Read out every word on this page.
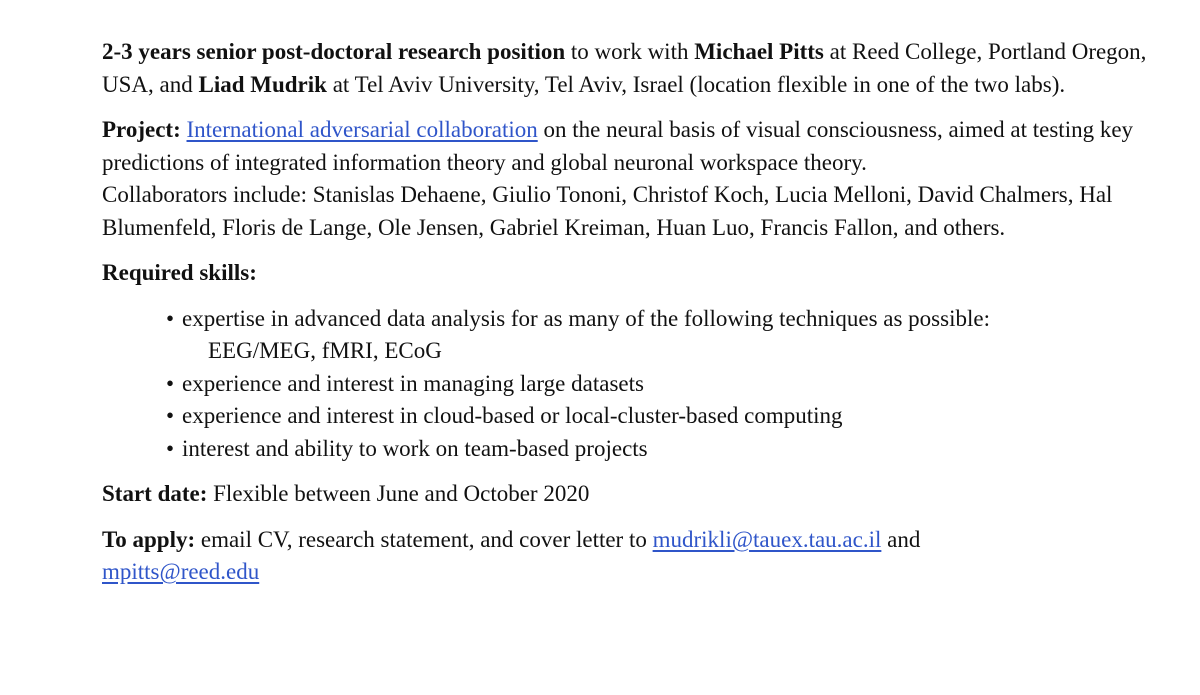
2-3 years senior post-doctoral research position to work with Michael Pitts at Reed College, Portland Oregon, USA, and Liad Mudrik at Tel Aviv University, Tel Aviv, Israel (location flexible in one of the two labs).

Project: International adversarial collaboration on the neural basis of visual consciousness, aimed at testing key predictions of integrated information theory and global neuronal workspace theory.
Collaborators include: Stanislas Dehaene, Giulio Tononi, Christof Koch, Lucia Melloni, David Chalmers, Hal Blumenfeld, Floris de Lange, Ole Jensen, Gabriel Kreiman, Huan Luo, Francis Fallon, and others.

Required skills:

• expertise in advanced data analysis for as many of the following techniques as possible:
EEG/MEG, fMRI, ECoG
• experience and interest in managing large datasets
• experience and interest in cloud-based or local-cluster-based computing
• interest and ability to work on team-based projects

Start date: Flexible between June and October 2020

To apply: email CV, research statement, and cover letter to mudrikli@tauex.tau.ac.il and
mpitts@reed.edu
